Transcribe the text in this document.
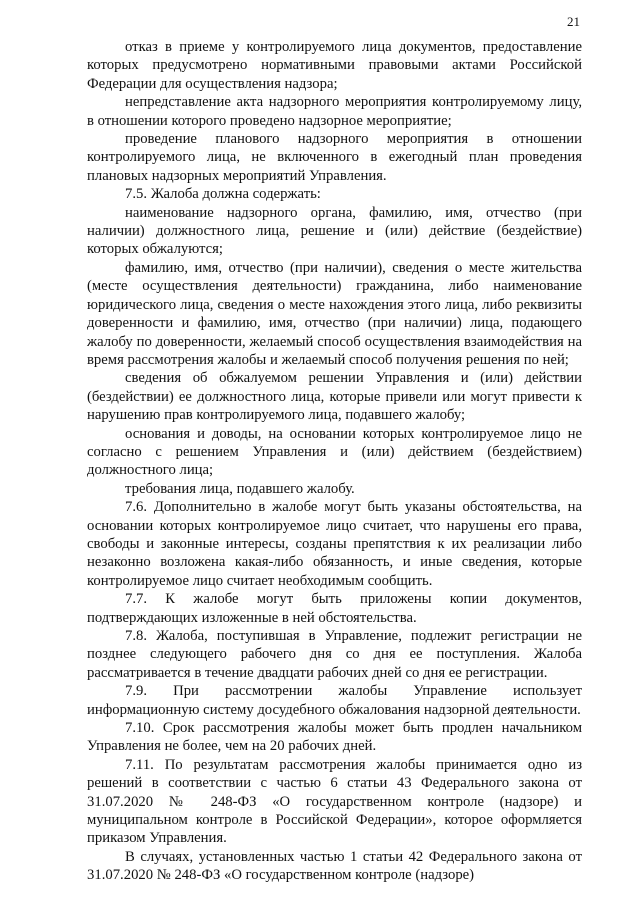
21

отказ в приеме у контролируемого лица документов, предоставление которых предусмотрено нормативными правовыми актами Российской Федерации для осуществления надзора;

непредставление акта надзорного мероприятия контролируемому лицу, в отношении которого проведено надзорное мероприятие;

проведение планового надзорного мероприятия в отношении контролируемого лица, не включенного в ежегодный план проведения плановых надзорных мероприятий Управления.

7.5. Жалоба должна содержать:

наименование надзорного органа, фамилию, имя, отчество (при наличии) должностного лица, решение и (или) действие (бездействие) которых обжалуются;

фамилию, имя, отчество (при наличии), сведения о месте жительства (месте осуществления деятельности) гражданина, либо наименование юридического лица, сведения о месте нахождения этого лица, либо реквизиты доверенности и фамилию, имя, отчество (при наличии) лица, подающего жалобу по доверенности, желаемый способ осуществления взаимодействия на время рассмотрения жалобы и желаемый способ получения решения по ней;

сведения об обжалуемом решении Управления и (или) действии (бездействии) ее должностного лица, которые привели или могут привести к нарушению прав контролируемого лица, подавшего жалобу;

основания и доводы, на основании которых контролируемое лицо не согласно с решением Управления и (или) действием (бездействием) должностного лица;

требования лица, подавшего жалобу.

7.6. Дополнительно в жалобе могут быть указаны обстоятельства, на основании которых контролируемое лицо считает, что нарушены его права, свободы и законные интересы, созданы препятствия к их реализации либо незаконно возложена какая-либо обязанность, и иные сведения, которые контролируемое лицо считает необходимым сообщить.

7.7. К жалобе могут быть приложены копии документов, подтверждающих изложенные в ней обстоятельства.

7.8. Жалоба, поступившая в Управление, подлежит регистрации не позднее следующего рабочего дня со дня ее поступления. Жалоба рассматривается в течение двадцати рабочих дней со дня ее регистрации.

7.9. При рассмотрении жалобы Управление использует информационную систему досудебного обжалования надзорной деятельности.

7.10. Срок рассмотрения жалобы может быть продлен начальником Управления не более, чем на 20 рабочих дней.

7.11. По результатам рассмотрения жалобы принимается одно из решений в соответствии с частью 6 статьи 43 Федерального закона от 31.07.2020 № 248-ФЗ «О государственном контроле (надзоре) и муниципальном контроле в Российской Федерации», которое оформляется приказом Управления.

В случаях, установленных частью 1 статьи 42 Федерального закона от 31.07.2020 № 248-ФЗ «О государственном контроле (надзоре)
